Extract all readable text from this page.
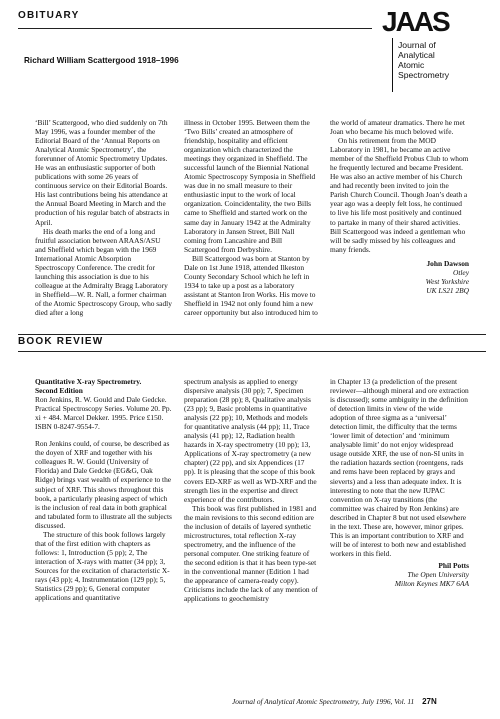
OBITUARY
Richard William Scattergood 1918–1996
JAAS
Journal of
Analytical
Atomic
Spectrometry

‘Bill’ Scattergood, who died suddenly on 7th May 1996, was a founder member of the Editorial Board of the ‘Annual Reports on Analytical Atomic Spectrometry’, the forerunner of Atomic Spectrometry Updates. He was an enthusiastic supporter of both publications with some 26 years of continuous service on their Editorial Boards. His last contributions being his attendance at the Annual Board Meeting in March and the production of his regular batch of abstracts in April.

His death marks the end of a long and fruitful association between ARAAS/ASU and Sheffield which began with the 1969 International Atomic Absorption Spectroscopy Conference. The credit for launching this association is due to his colleague at the Admiralty Bragg Laboratory in Sheffield—W. R. Nall, a former chairman of the Atomic Spectroscopy Group, who sadly died after a long

illness in October 1995. Between them the ‘Two Bills’ created an atmosphere of friendship, hospitality and efficient organization which characterized the meetings they organized in Sheffield. The successful launch of the Biennial National Atomic Spectroscopy Symposia in Sheffield was due in no small measure to their enthusiastic input to the work of local organization. Coincidentality, the two Bills came to Sheffield and started work on the same day in January 1942 at the Admiralty Laboratory in Jansen Street, Bill Nall coming from Lancashire and Bill Scattergood from Derbyshire.

Bill Scattergood was born at Stanton by Dale on 1st June 1918, attended Ilkeston County Secondary School which he left in 1934 to take up a post as a laboratory assistant at Stanton Iron Works. His move to Sheffield in 1942 not only found him a new career opportunity but also introduced him to

the world of amateur dramatics. There he met Joan who became his much beloved wife.

On his retirement from the MOD Laboratory in 1981, he became an active member of the Sheffield Probus Club to whom he frequently lectured and became President. He was also an active member of his Church and had recently been invited to join the Parish Church Council. Though Joan’s death a year ago was a deeply felt loss, he continued to live his life most positively and continued to partake in many of their shared activities. Bill Scattergood was indeed a gentleman who will be sadly missed by his colleagues and many friends.

John Dawson
Otley
West Yorkshire
UK LS21 2BQ
BOOK REVIEW
Quantitative X-ray Spectrometry.
Second Edition
Ron Jenkins, R. W. Gould and Dale Gedcke. Practical Spectroscopy Series. Volume 20. Pp. xi + 484. Marcel Dekker. 1995. Price £150. ISBN 0-8247-9554-7.

Ron Jenkins could, of course, be described as the doyen of XRF and together with his colleagues R. W. Gould (University of Florida) and Dale Gedcke (EG&G, Oak Ridge) brings vast wealth of experience to the subject of XRF. This shows throughout this book, a particularly pleasing aspect of which is the inclusion of real data in both graphical and tabulated form to illustrate all the subjects discussed.

The structure of this book follows largely that of the first edition with chapters as follows: 1, Introduction (5 pp); 2, The interaction of X-rays with matter (34 pp); 3, Sources for the excitation of characteristic X-rays (43 pp); 4, Instrumentation (129 pp); 5, Statistics (29 pp); 6, General computer applications and quantitative

spectrum analysis as applied to energy dispersive analysis (30 pp); 7, Specimen preparation (28 pp); 8, Qualitative analysis (23 pp); 9, Basic problems in quantitative analysis (22 pp); 10, Methods and models for quantitative analysis (44 pp); 11, Trace analysis (41 pp); 12, Radiation health hazards in X-ray spectrometry (10 pp); 13, Applications of X-ray spectrometry (a new chapter) (22 pp), and six Appendices (17 pp). It is pleasing that the scope of this book covers ED-XRF as well as WD-XRF and the strength lies in the expertise and direct experience of the contributors.

This book was first published in 1981 and the main revisions to this second edition are the inclusion of details of layered synthetic microstructures, total reflection X-ray spectrometry, and the influence of the personal computer. One striking feature of the second edition is that it has been type-set in the conventional manner (Edition 1 had the appearance of camera-ready copy). Criticisms include the lack of any mention of applications to geochemistry

in Chapter 13 (a predeliction of the present reviewer—although mineral and ore extraction is discussed); some ambiguity in the definition of detection limits in view of the wide adoption of three sigma as a ‘universal’ detection limit, the difficulty that the terms ‘lower limit of detection’ and ‘minimum analysable limit’ do not enjoy widespread usage outside XRF, the use of non-SI units in the radiation hazards section (roentgens, rads and rems have been replaced by grays and sieverts) and a less than adequate index. It is interesting to note that the new IUPAC convention on X-ray transitions (the committee was chaired by Ron Jenkins) are described in Chapter 8 but not used elsewhere in the text. These are, however, minor gripes. This is an important contribution to XRF and will be of interest to both new and established workers in this field.

Phil Potts
The Open University
Milton Keynes MK7 6AA
Journal of Analytical Atomic Spectrometry, July 1996, Vol. 11 27N
